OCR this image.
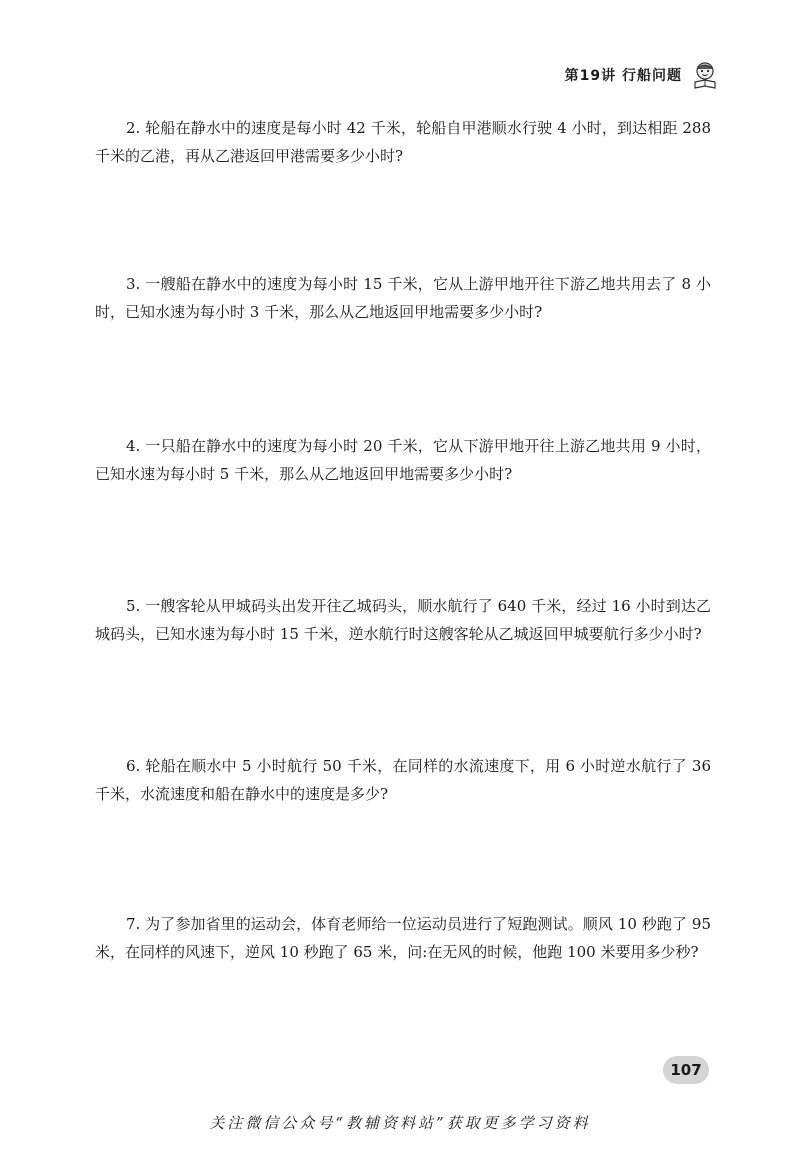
第19讲 行船问题
2. 轮船在静水中的速度是每小时 42 千米，轮船自甲港顺水行驶 4 小时，到达相距 288 千米的乙港，再从乙港返回甲港需要多少小时?
3. 一艘船在静水中的速度为每小时 15 千米，它从上游甲地开往下游乙地共用去了 8 小时，已知水速为每小时 3 千米，那么从乙地返回甲地需要多少小时?
4. 一只船在静水中的速度为每小时 20 千米，它从下游甲地开往上游乙地共用 9 小时，已知水速为每小时 5 千米，那么从乙地返回甲地需要多少小时?
5. 一艘客轮从甲城码头出发开往乙城码头，顺水航行了 640 千米，经过 16 小时到达乙城码头，已知水速为每小时 15 千米，逆水航行时这艘客轮从乙城返回甲城要航行多少小时?
6. 轮船在顺水中 5 小时航行 50 千米，在同样的水流速度下，用 6 小时逆水航行了 36 千米，水流速度和船在静水中的速度是多少?
7. 为了参加省里的运动会，体育老师给一位运动员进行了短跑测试。顺风 10 秒跑了 95 米，在同样的风速下，逆风 10 秒跑了 65 米，问:在无风的时候，他跑 100 米要用多少秒?
107
关注微信公众号“教辅资料站”获取更多学习资料
